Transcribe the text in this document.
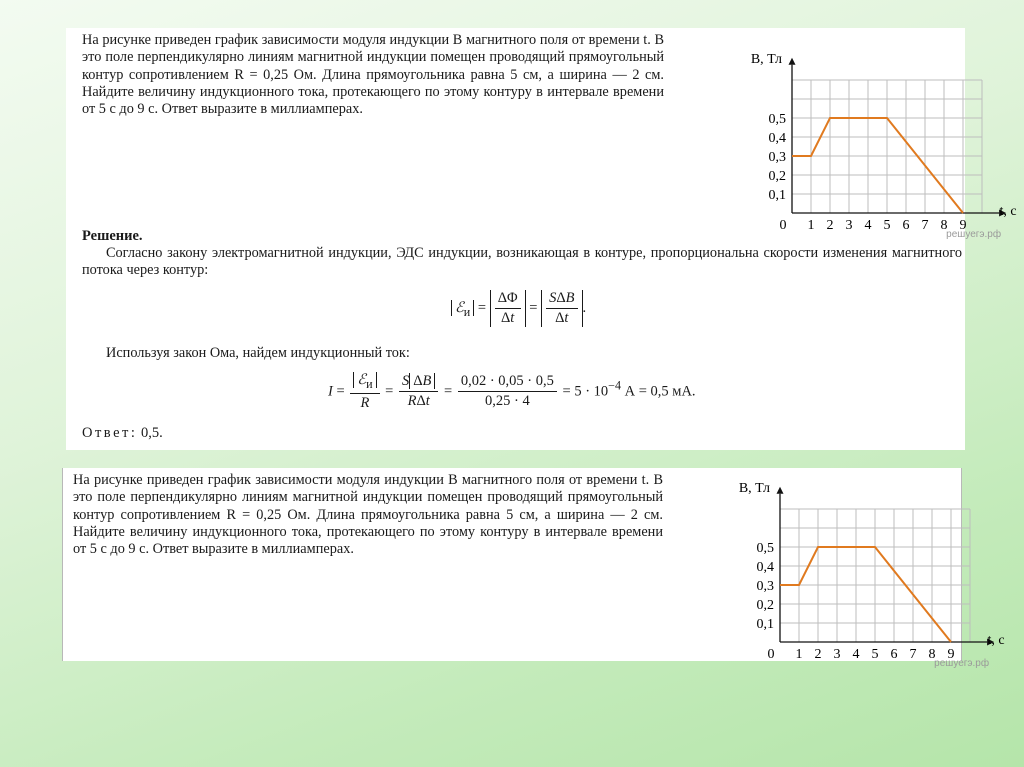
На рисунке приведен график зависимости модуля индукции B магнитного поля от времени t. В это поле перпендикулярно линиям магнитной индукции помещен проводящий прямоугольный контур сопротивлением R = 0,25 Ом. Длина прямоугольника равна 5 см, а ширина — 2 см. Найдите величину индукционного тока, протекающего по этому контуру в интервале времени от 5 с до 9 с. Ответ выразите в миллиамперах.
0 1 2 3 4 5 6 7 8 9
0,1
0,2
0,3
0,4
0,5
B, Тл
t, с
решуегэ.рф
Решение.
Согласно закону электромагнитной индукции, ЭДС индукции, возникающая в контуре, пропорциональна скорости изменения магнитного потока через контур:
ℰ$_и$ = $\frac{\Delta\Phi}{\Delta t} = \frac{\text{SΔB}}{\Delta t}$ .
Используя закон Ома, найдем индукционный ток:
$I = \frac{ℰ_и}{R} = \frac{\text{S ΔB}}{\text{RΔt}} = \frac{0,02 \cdot 0,05 \cdot 0,5}{0,25 \cdot 4} = 5 \cdot 10^{-4}$ А = 0,5 мА.
Ответ: 0,5.
На рисунке приведен график зависимости модуля индукции B магнитного поля от времени t. В это поле перпендикулярно линиям магнитной индукции помещен проводящий прямоугольный контур сопротивлением R = 0,25 Ом. Длина прямоугольника равна 5 см, а ширина — 2 см. Найдите величину индукционного тока, протекающего по этому контуру в интервале времени от 5 с до 9 с. Ответ выразите в миллиамперах.
0 1 2 3 4 5 6 7 8 9
0,1
0,2
0,3
0,4
0,5
B, Тл
t, с
решуегэ.рф
